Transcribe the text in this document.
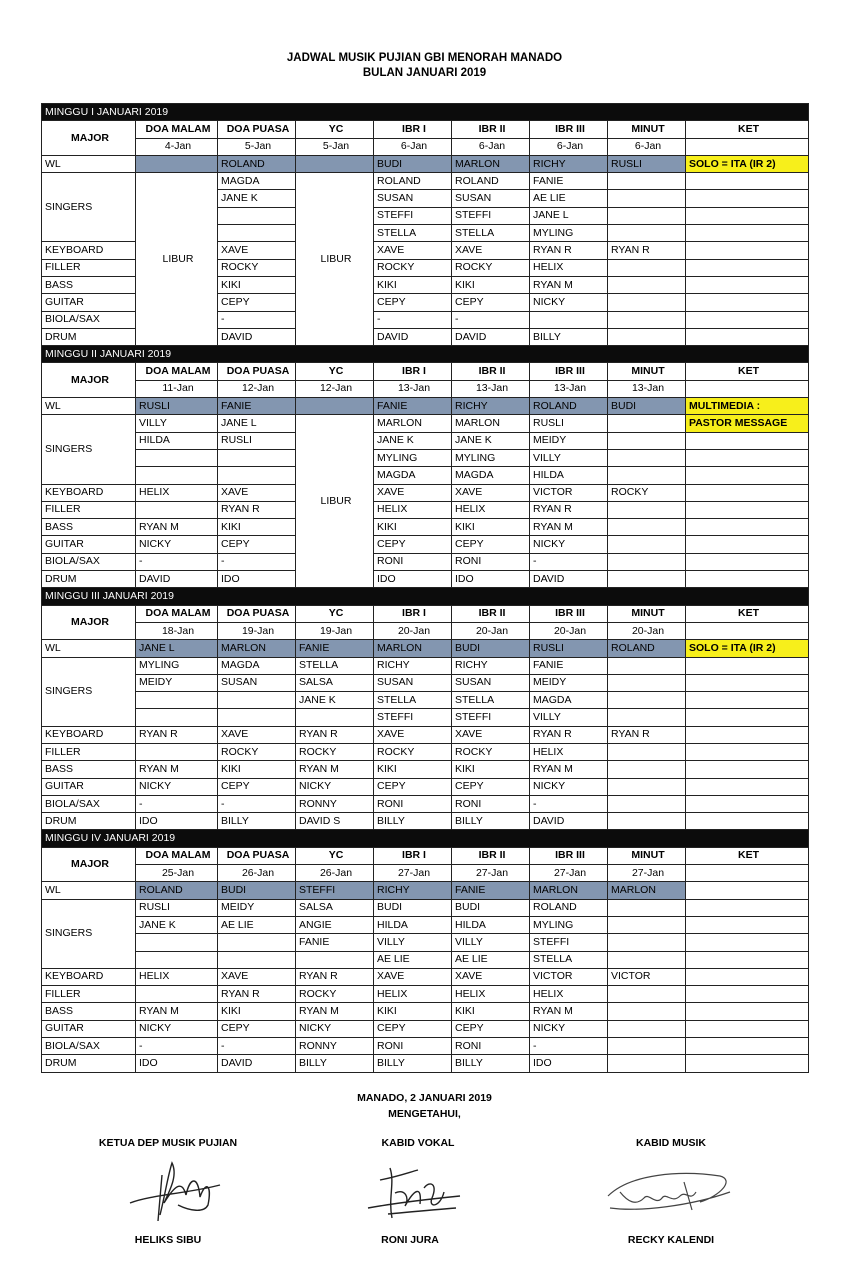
JADWAL MUSIK PUJIAN GBI MENORAH MANADO
BULAN JANUARI 2019
MINGGU I JANUARI 2019								
MAJOR	DOA MALAM	DOA PUASA	YC	IBR I	IBR II	IBR III	MINUT	KET
	4-Jan	5-Jan	5-Jan	6-Jan	6-Jan	6-Jan	6-Jan	
WL		ROLAND		BUDI	MARLON	RICHY	RUSLI	SOLO = ITA (IR 2)
SINGERS	LIBUR	MAGDA	LIBUR	ROLAND	ROLAND	FANIE		
		JANE K		SUSAN	SUSAN	AE LIE		
				STEFFI	STEFFI	JANE L		
				STELLA	STELLA	MYLING		
KEYBOARD		XAVE		XAVE	XAVE	RYAN R	RYAN R	
FILLER		ROCKY		ROCKY	ROCKY	HELIX		
BASS		KIKI		KIKI	KIKI	RYAN M		
GUITAR		CEPY		CEPY	CEPY	NICKY		
BIOLA/SAX		-		-	-			
DRUM		DAVID		DAVID	DAVID	BILLY		
MINGGU II JANUARI 2019								
MAJOR	DOA MALAM	DOA PUASA	YC	IBR I	IBR II	IBR III	MINUT	KET
	11-Jan	12-Jan	12-Jan	13-Jan	13-Jan	13-Jan	13-Jan	
WL	RUSLI	FANIE		FANIE	RICHY	ROLAND	BUDI	MULTIMEDIA :
SINGERS	VILLY	JANE L	LIBUR	MARLON	MARLON	RUSLI		PASTOR MESSAGE
	HILDA	RUSLI		JANE K	JANE K	MEIDY		
				MYLING	MYLING	VILLY		
				MAGDA	MAGDA	HILDA		
KEYBOARD	HELIX	XAVE		XAVE	XAVE	VICTOR	ROCKY	
FILLER		RYAN R		HELIX	HELIX	RYAN R		
BASS	RYAN M	KIKI		KIKI	KIKI	RYAN M		
GUITAR	NICKY	CEPY		CEPY	CEPY	NICKY		
BIOLA/SAX	-	-		RONI	RONI	-		
DRUM	DAVID	IDO		IDO	IDO	DAVID		
MINGGU III JANUARI 2019								
MAJOR	DOA MALAM	DOA PUASA	YC	IBR I	IBR II	IBR III	MINUT	KET
	18-Jan	19-Jan	19-Jan	20-Jan	20-Jan	20-Jan	20-Jan	
WL	JANE L	MARLON	FANIE	MARLON	BUDI	RUSLI	ROLAND	SOLO = ITA (IR 2)
SINGERS	MYLING	MAGDA	STELLA	RICHY	RICHY	FANIE		
	MEIDY	SUSAN	SALSA	SUSAN	SUSAN	MEIDY		
			JANE K	STELLA	STELLA	MAGDA		
				STEFFI	STEFFI	VILLY		
KEYBOARD	RYAN R	XAVE	RYAN R	XAVE	XAVE	RYAN R	RYAN R	
FILLER		ROCKY	ROCKY	ROCKY	ROCKY	HELIX		
BASS	RYAN M	KIKI	RYAN M	KIKI	KIKI	RYAN M		
GUITAR	NICKY	CEPY	NICKY	CEPY	CEPY	NICKY		
BIOLA/SAX	-	-	RONNY	RONI	RONI	-		
DRUM	IDO	BILLY	DAVID S	BILLY	BILLY	DAVID		
MINGGU IV JANUARI 2019								
MAJOR	DOA MALAM	DOA PUASA	YC	IBR I	IBR II	IBR III	MINUT	KET
	25-Jan	26-Jan	26-Jan	27-Jan	27-Jan	27-Jan	27-Jan	
WL	ROLAND	BUDI	STEFFI	RICHY	FANIE	MARLON	MARLON	
SINGERS	RUSLI	MEIDY	SALSA	BUDI	BUDI	ROLAND		
	JANE K	AE LIE	ANGIE	HILDA	HILDA	MYLING		
			FANIE	VILLY	VILLY	STEFFI		
				AE LIE	AE LIE	STELLA		
KEYBOARD	HELIX	XAVE	RYAN R	XAVE	XAVE	VICTOR	VICTOR	
FILLER		RYAN R	ROCKY	HELIX	HELIX	HELIX		
BASS	RYAN M	KIKI	RYAN M	KIKI	KIKI	RYAN M		
GUITAR	NICKY	CEPY	NICKY	CEPY	CEPY	NICKY		
BIOLA/SAX	-	-	RONNY	RONI	RONI	-		
DRUM	IDO	DAVID	BILLY	BILLY	BILLY	IDO		
MANADO, 2 JANUARI 2019
MENGETAHUI,
KETUA DEP MUSIK PUJIAN	KABID VOKAL	KABID MUSIK
HELIKS SIBU	RONI JURA	RECKY KALENDI
